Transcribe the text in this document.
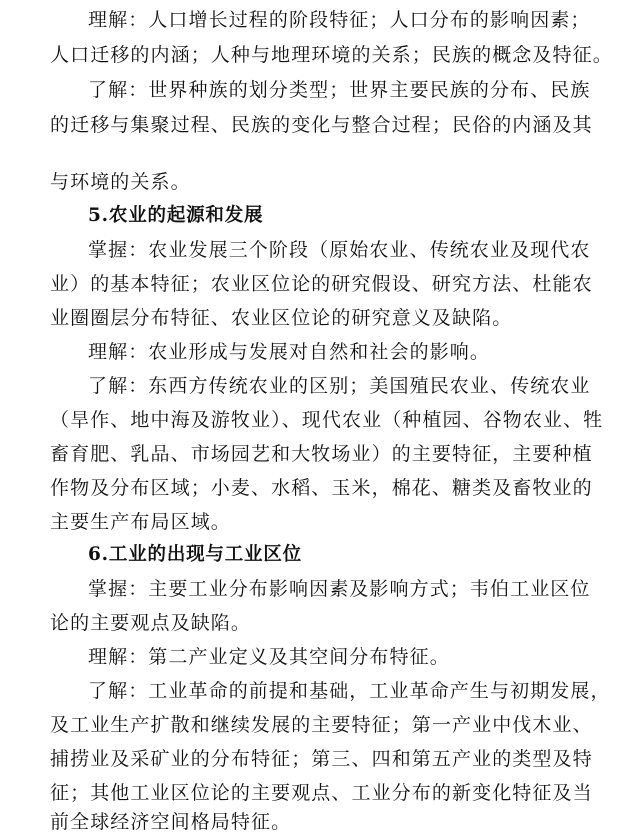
理解：人口增长过程的阶段特征；人口分布的影响因素；
人口迁移的内涵；人种与地理环境的关系；民族的概念及特征。
了解：世界种族的划分类型；世界主要民族的分布、民族
的迁移与集聚过程、民族的变化与整合过程；民俗的内涵及其
与环境的关系。
5.农业的起源和发展
掌握：农业发展三个阶段（原始农业、传统农业及现代农
业）的基本特征；农业区位论的研究假设、研究方法、杜能农
业圈圈层分布特征、农业区位论的研究意义及缺陷。
理解：农业形成与发展对自然和社会的影响。
了解：东西方传统农业的区别；美国殖民农业、传统农业
（旱作、地中海及游牧业）、现代农业（种植园、谷物农业、牲
畜育肥、乳品、市场园艺和大牧场业）的主要特征，主要种植
作物及分布区域；小麦、水稻、玉米，棉花、糖类及畜牧业的
主要生产布局区域。
6.工业的出现与工业区位
掌握：主要工业分布影响因素及影响方式；韦伯工业区位
论的主要观点及缺陷。
理解：第二产业定义及其空间分布特征。
了解：工业革命的前提和基础，工业革命产生与初期发展，
及工业生产扩散和继续发展的主要特征；第一产业中伐木业、
捕捞业及采矿业的分布特征；第三、四和第五产业的类型及特
征；其他工业区位论的主要观点、工业分布的新变化特征及当
前全球经济空间格局特征。
